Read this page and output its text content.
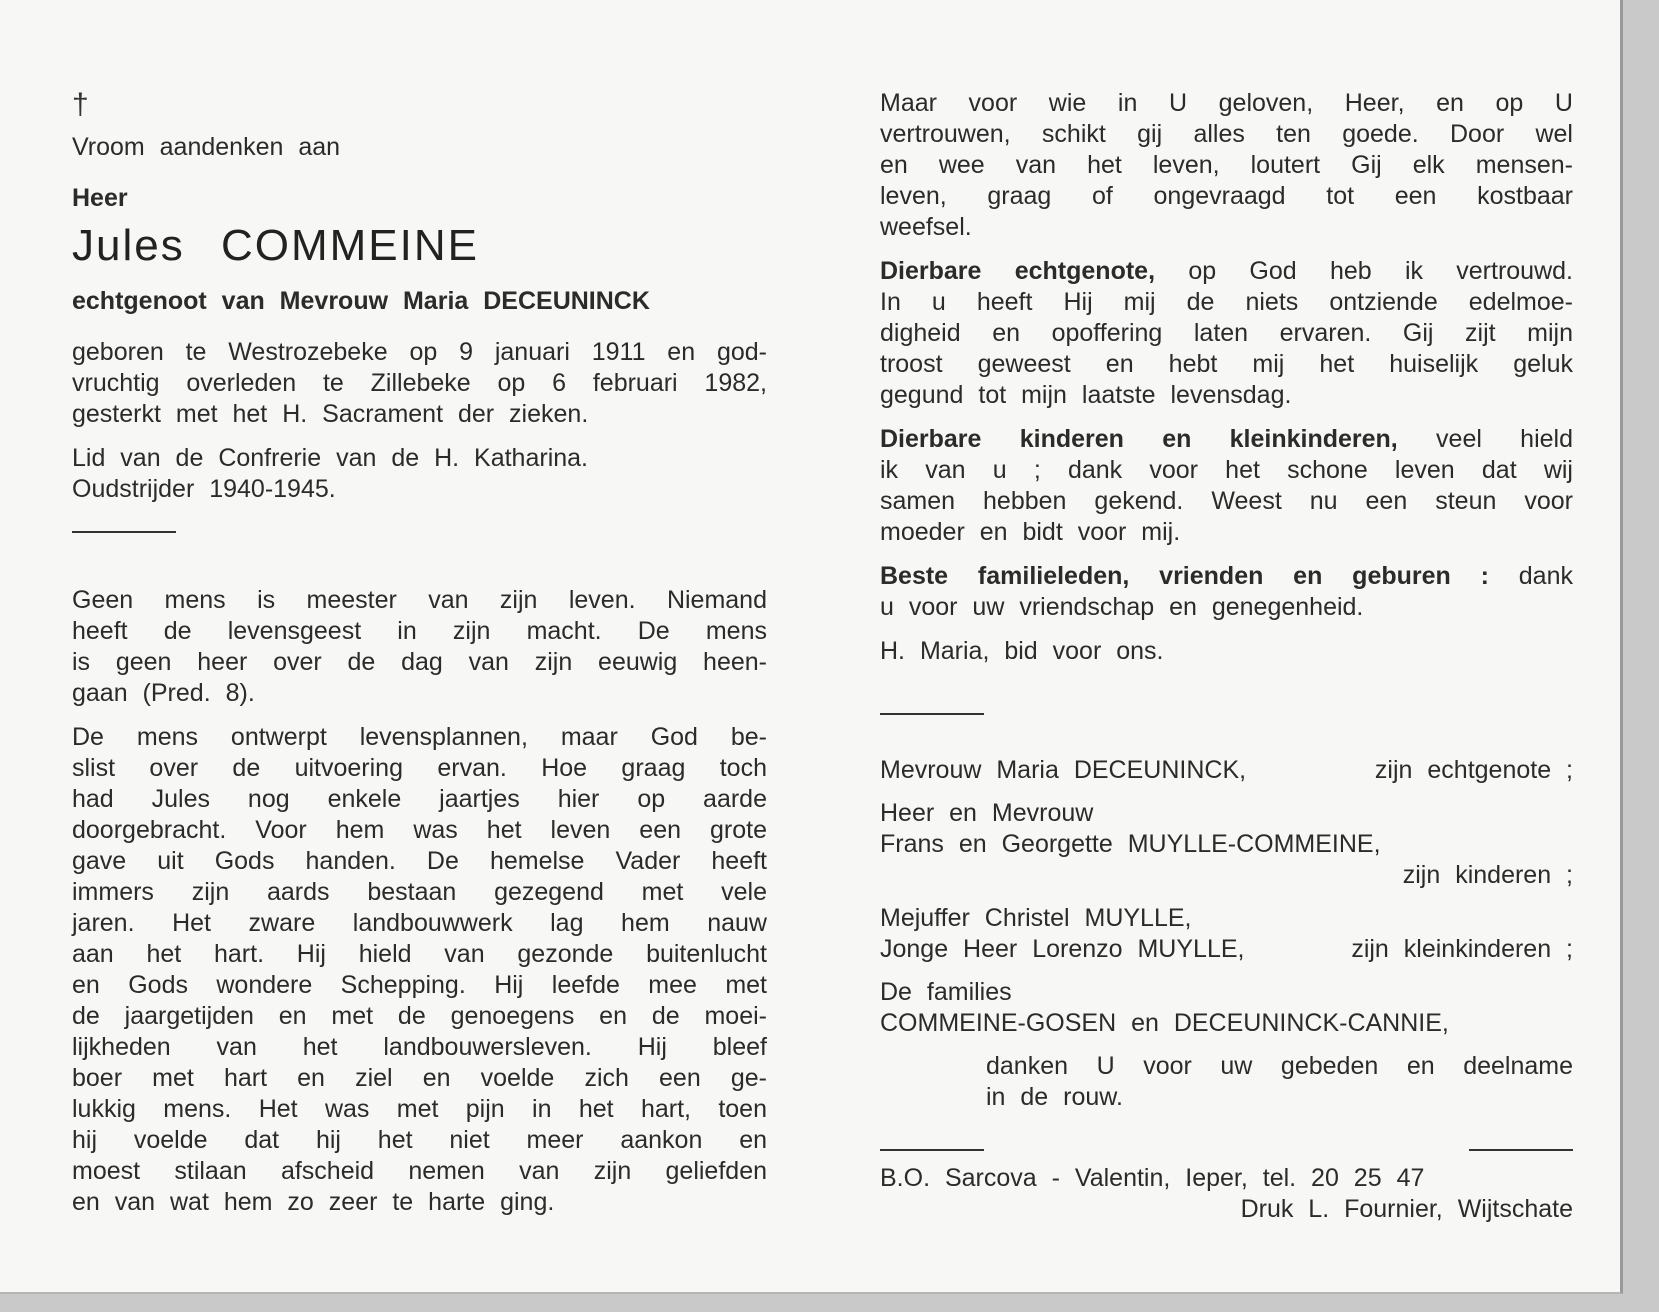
†
Vroom aandenken aan
Heer
Jules COMMEINE
echtgenoot van Mevrouw Maria DECEUNINCK
geboren te Westrozebeke op 9 januari 1911 en god-
vruchtig overleden te Zillebeke op 6 februari 1982,
gesterkt met het H. Sacrament der zieken.
Lid van de Confrerie van de H. Katharina.
Oudstrijder 1940-1945.
Geen mens is meester van zijn leven. Niemand
heeft de levensgeest in zijn macht. De mens
is geen heer over de dag van zijn eeuwig heen-
gaan (Pred. 8).
De mens ontwerpt levensplannen, maar God be-
slist over de uitvoering ervan. Hoe graag toch
had Jules nog enkele jaartjes hier op aarde
doorgebracht. Voor hem was het leven een grote
gave uit Gods handen. De hemelse Vader heeft
immers zijn aards bestaan gezegend met vele
jaren. Het zware landbouwwerk lag hem nauw
aan het hart. Hij hield van gezonde buitenlucht
en Gods wondere Schepping. Hij leefde mee met
de jaargetijden en met de genoegens en de moei-
lijkheden van het landbouwersleven. Hij bleef
boer met hart en ziel en voelde zich een ge-
lukkig mens. Het was met pijn in het hart, toen
hij voelde dat hij het niet meer aankon en
moest stilaan afscheid nemen van zijn geliefden
en van wat hem zo zeer te harte ging.
Maar voor wie in U geloven, Heer, en op U
vertrouwen, schikt gij alles ten goede. Door wel
en wee van het leven, loutert Gij elk mensen-
leven, graag of ongevraagd tot een kostbaar
weefsel.
Dierbare echtgenote, op God heb ik vertrouwd.
In u heeft Hij mij de niets ontziende edelmoe-
digheid en opoffering laten ervaren. Gij zijt mijn
troost geweest en hebt mij het huiselijk geluk
gegund tot mijn laatste levensdag.
Dierbare kinderen en kleinkinderen, veel hield
ik van u ; dank voor het schone leven dat wij
samen hebben gekend. Weest nu een steun voor
moeder en bidt voor mij.
Beste familieleden, vrienden en geburen : dank
u voor uw vriendschap en genegenheid.
H. Maria, bid voor ons.
Mevrouw Maria DECEUNINCK,	zijn echtgenote ;
Heer en Mevrouw
Frans en Georgette MUYLLE-COMMEINE,
zijn kinderen ;
Mejuffer Christel MUYLLE,
Jonge Heer Lorenzo MUYLLE,	zijn kleinkinderen ;
De families
COMMEINE-GOSEN en DECEUNINCK-CANNIE,
danken U voor uw gebeden en deelname
in de rouw.
B.O. Sarcova - Valentin, Ieper, tel. 20 25 47
Druk L. Fournier, Wijtschate
